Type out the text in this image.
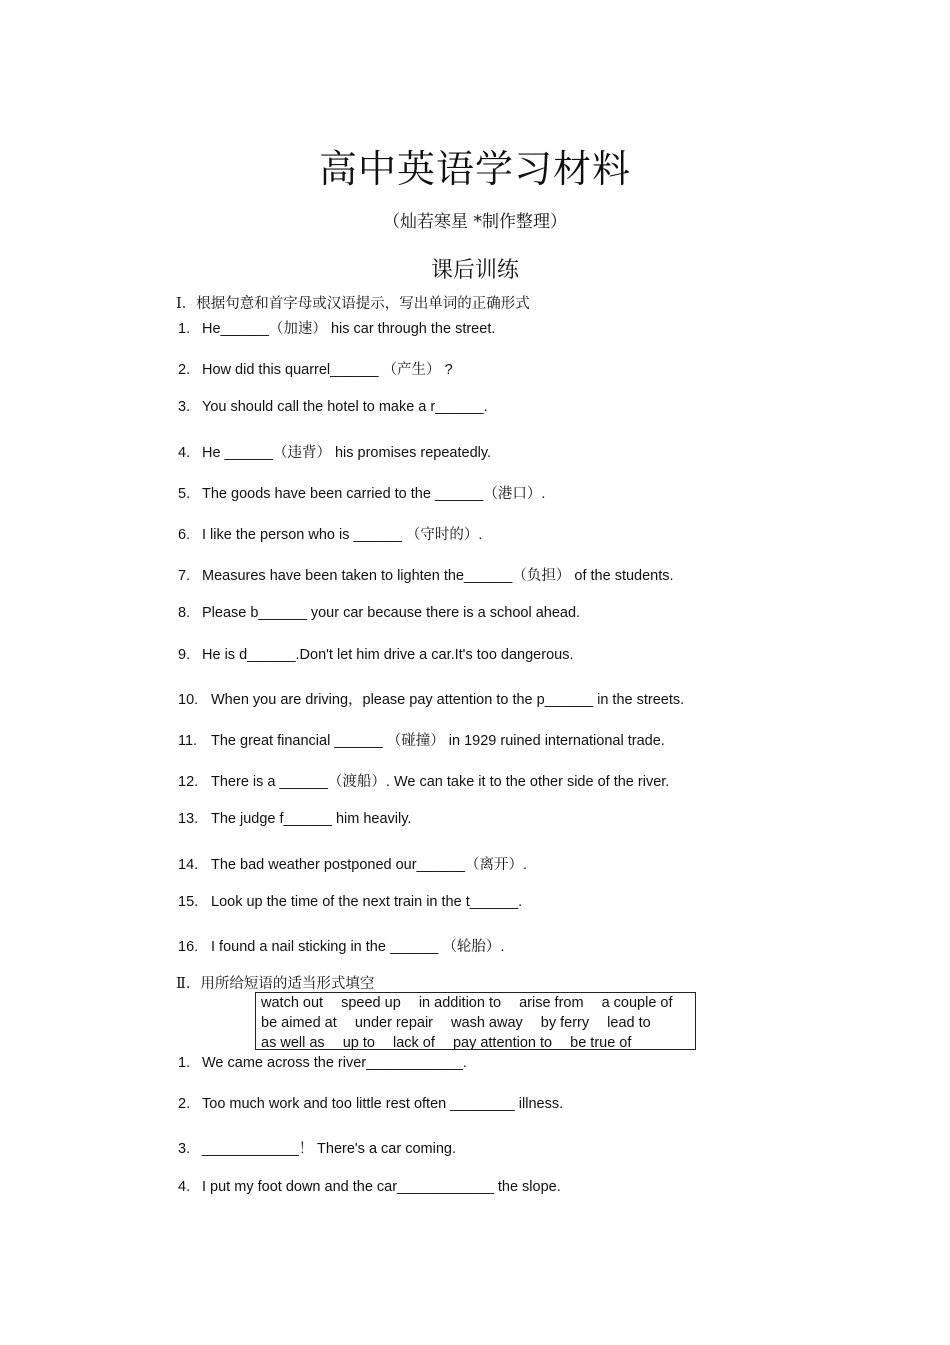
高中英语学习材料
（灿若寒星 *制作整理）
课后训练
Ⅰ．根据句意和首字母或汉语提示，写出单词的正确形式
1. He______（加速） his car through the street.
2. How did this quarrel______ （产生） ?
3. You should call the hotel to make a r______.
4. He ______（违背） his promises repeatedly.
5. The goods have been carried to the ______（港口）.
6. I like the person who is ______ （守时的）.
7. Measures have been taken to lighten the______（负担） of the students.
8. Please b______ your car because there is a school ahead.
9. He is d______.Don't let him drive a car.It's too dangerous.
10. When you are driving，please pay attention to the p______ in the streets.
11. The great financial ______ （碰撞） in 1929 ruined international trade.
12. There is a ______（渡船）. We can take it to the other side of the river.
13. The judge f______ him heavily.
14. The bad weather postponed our______（离开）.
15. Look up the time of the next train in the t______.
16. I found a nail sticking in the ______ （轮胎）.
Ⅱ．用所给短语的适当形式填空
watch out speed up in addition to arise from a couple of
be aimed at under repair wash away by ferry lead to
as well as up to lack of pay attention to be true of
1. We came across the river____________.
2. Too much work and too little rest often ________ illness.
3. ____________！ There's a car coming.
4. I put my foot down and the car____________ the slope.
